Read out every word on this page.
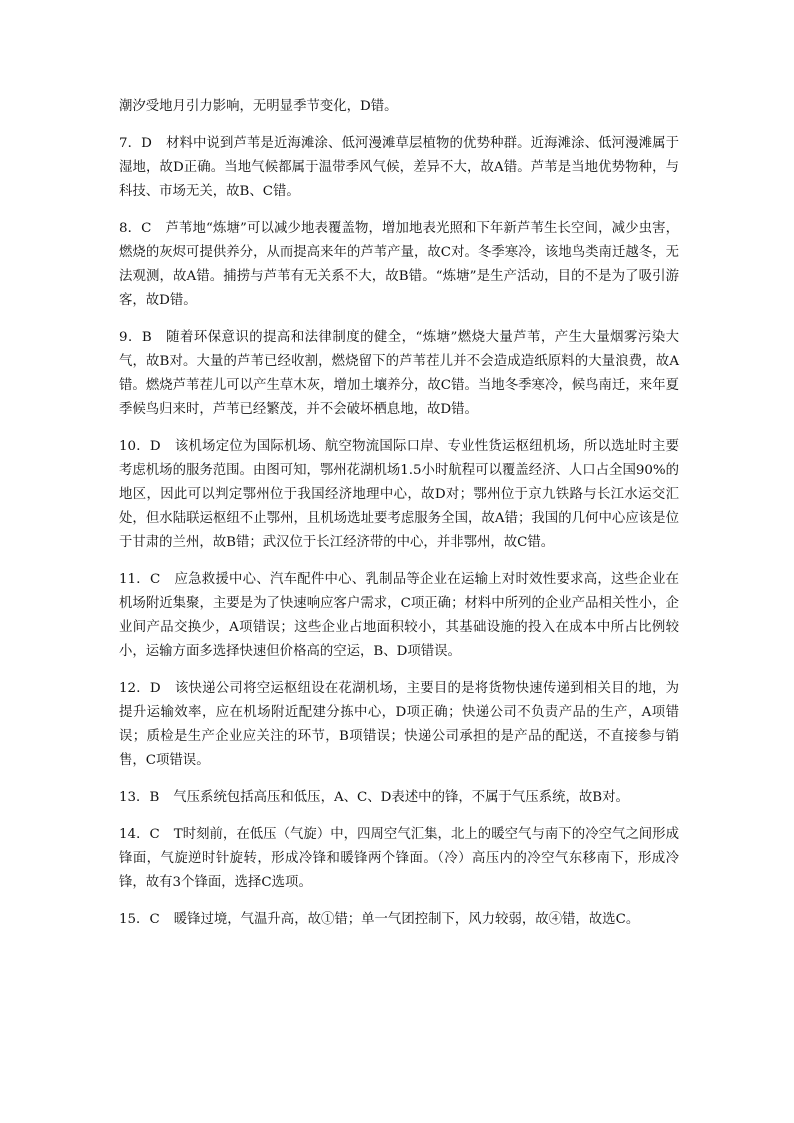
潮汐受地月引力影响，无明显季节变化，D错。

7．D 材料中说到芦苇是近海滩涂、低河漫滩草层植物的优势种群。近海滩涂、低河漫滩属于湿地，故D正确。当地气候都属于温带季风气候，差异不大，故A错。芦苇是当地优势物种，与科技、市场无关，故B、C错。

8．C 芦苇地“炼塘”可以减少地表覆盖物，增加地表光照和下年新芦苇生长空间，减少虫害，燃烧的灰烬可提供养分，从而提高来年的芦苇产量，故C对。冬季寒冷，该地鸟类南迁越冬，无法观测，故A错。捕捞与芦苇有无关系不大，故B错。“炼塘”是生产活动，目的不是为了吸引游客，故D错。

9．B 随着环保意识的提高和法律制度的健全，“炼塘”燃烧大量芦苇，产生大量烟雾污染大气，故B对。大量的芦苇已经收割，燃烧留下的芦苇茬儿并不会造成造纸原料的大量浪费，故A错。燃烧芦苇茬儿可以产生草木灰，增加土壤养分，故C错。当地冬季寒冷，候鸟南迁，来年夏季候鸟归来时，芦苇已经繁茂，并不会破坏栖息地，故D错。

10．D 该机场定位为国际机场、航空物流国际口岸、专业性货运枢纽机场，所以选址时主要考虑机场的服务范围。由图可知，鄂州花湖机场1.5小时航程可以覆盖经济、人口占全国90%的地区，因此可以判定鄂州位于我国经济地理中心，故D对；鄂州位于京九铁路与长江水运交汇处，但水陆联运枢纽不止鄂州，且机场选址要考虑服务全国，故A错；我国的几何中心应该是位于甘肃的兰州，故B错；武汉位于长江经济带的中心，并非鄂州，故C错。

11．C 应急救援中心、汽车配件中心、乳制品等企业在运输上对时效性要求高，这些企业在机场附近集聚，主要是为了快速响应客户需求，C项正确；材料中所列的企业产品相关性小，企业间产品交换少，A项错误；这些企业占地面积较小，其基础设施的投入在成本中所占比例较小，运输方面多选择快速但价格高的空运，B、D项错误。

12．D 该快递公司将空运枢纽设在花湖机场，主要目的是将货物快速传递到相关目的地，为提升运输效率，应在机场附近配建分拣中心，D项正确；快递公司不负责产品的生产，A项错误；质检是生产企业应关注的环节，B项错误；快递公司承担的是产品的配送，不直接参与销售，C项错误。

13．B 气压系统包括高压和低压，A、C、D表述中的锋，不属于气压系统，故B对。

14．C T时刻前，在低压（气旋）中，四周空气汇集，北上的暖空气与南下的冷空气之间形成锋面，气旋逆时针旋转，形成冷锋和暖锋两个锋面。（冷）高压内的冷空气东移南下，形成冷锋，故有3个锋面，选择C选项。

15．C 暖锋过境，气温升高，故①错；单一气团控制下，风力较弱，故④错，故选C。
